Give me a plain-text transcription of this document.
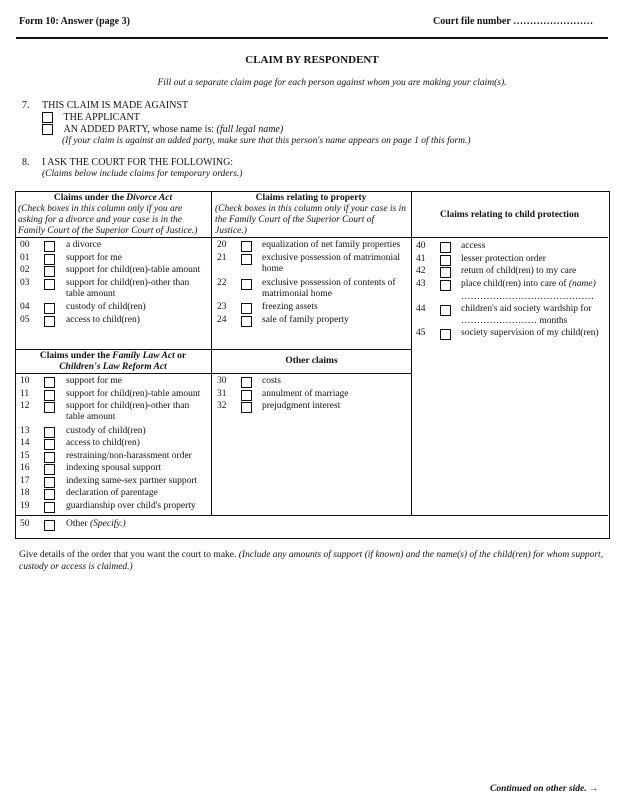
Form 10: Answer (page 3)	Court file number ……………………
CLAIM BY RESPONDENT
Fill out a separate claim page for each person against whom you are making your claim(s).
7. THIS CLAIM IS MADE AGAINST
THE APPLICANT
AN ADDED PARTY, whose name is: (full legal name)
(If your claim is against an added party, make sure that this person's name appears on page 1 of this form.)
8. I ASK THE COURT FOR THE FOLLOWING:
(Claims below include claims for temporary orders.)
Claims under the Divorce Act
(Check boxes in this column only if you are asking for a divorce and your case is in the Family Court of the Superior Court of Justice.)
Claims relating to property
(Check boxes in this column only if your case is in the Family Court of the Superior Court of Justice.)
Claims relating to child protection
00	a divorce
01	support for me
02	support for child(ren)-table amount
03	support for child(ren)-other than table amount
04	custody of child(ren)
05	access to child(ren)
20	equalization of net family properties
21	exclusive possession of matrimonial home
22	exclusive possession of contents of matrimonial home
23	freezing assets
24	sale of family property
40	access
41	lesser protection order
42	return of child(ren) to my care
43	place child(ren) into care of (name)
……………………………………
44	children's aid society wardship for
…………………… months
45	society supervision of my child(ren)
Claims under the Family Law Act or
Children's Law Reform Act
Other claims
10	support for me
11	support for child(ren)-table amount
12	support for child(ren)-other than table amount
13	custody of child(ren)
14	access to child(ren)
15	restraining/non-harassment order
16	indexing spousal support
17	indexing same-sex partner support
18	declaration of parentage
19	guardianship over child's property
30	costs
31	annulment of marriage
32	prejudgment interest
50	Other (Specify.)
Give details of the order that you want the court to make. (Include any amounts of support (if known) and the name(s) of the child(ren) for whom support, custody or access is claimed.)
Continued on other side. →
